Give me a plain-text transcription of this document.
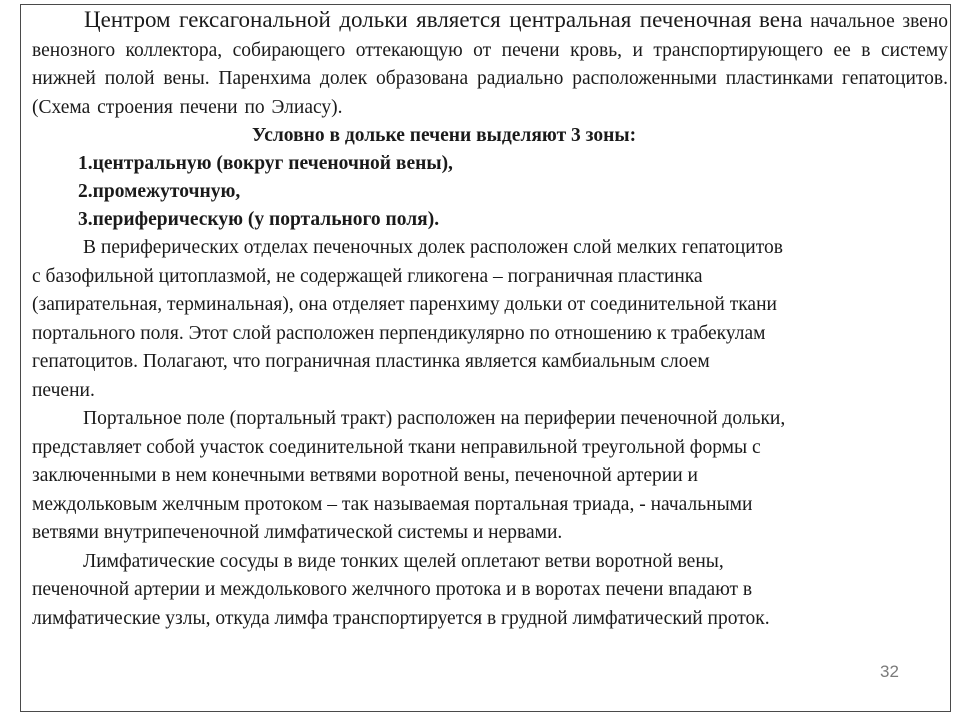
Центром гексагональной дольки является центральная печеночная вена начальное звено венозного коллектора, собирающего оттекающую от печени кровь, и транспортирующего ее в систему нижней полой вены. Паренхима долек образована радиально расположенными пластинками гепатоцитов. (Схема строения печени по Элиасу).

Условно в дольке печени выделяют 3 зоны:

1.центральную (вокруг печеночной вены),
2.промежуточную,
3.периферическую (у портального поля).

В периферических отделах печеночных долек расположен слой мелких гепатоцитов
с базофильной цитоплазмой, не содержащей гликогена – пограничная пластинка
(запирательная, терминальная), она отделяет паренхиму дольки от соединительной ткани
портального поля. Этот слой расположен перпендикулярно по отношению к трабекулам
гепатоцитов. Полагают, что пограничная пластинка является камбиальным слоем
печени.

Портальное поле (портальный тракт) расположен на периферии печеночной дольки,
представляет собой участок соединительной ткани неправильной треугольной формы с
заключенными в нем конечными ветвями воротной вены, печеночной артерии и
междольковым желчным протоком – так называемая портальная триада, - начальными
ветвями внутрипеченочной лимфатической системы и нервами.

Лимфатические сосуды в виде тонких щелей оплетают ветви воротной вены,
печеночной артерии и междолькового желчного протока и в воротах печени впадают в
лимфатические узлы, откуда лимфа транспортируется в грудной лимфатический проток.

32
